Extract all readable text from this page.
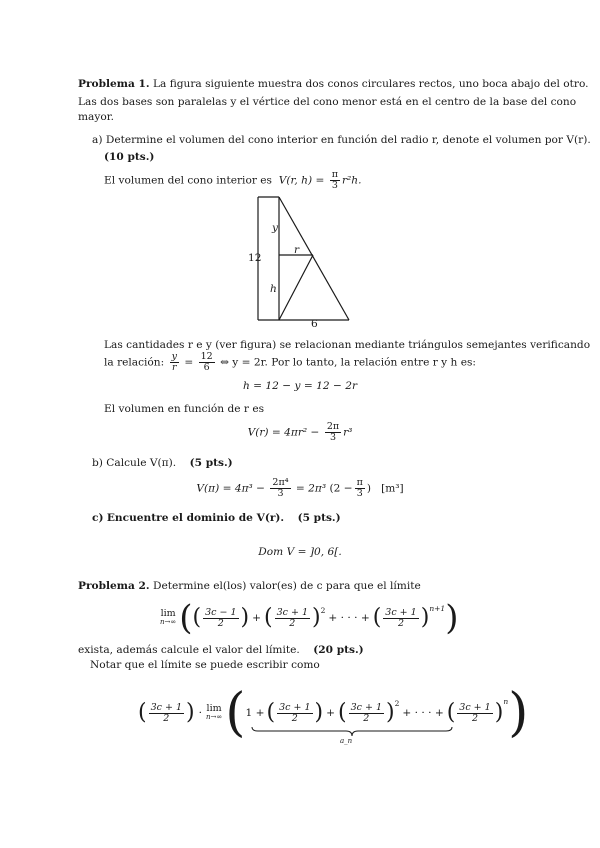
Problema 1. La figura siguiente muestra dos conos circulares rectos, uno boca abajo del otro.
Las dos bases son paralelas y el vértice del cono menor está en el centro de la base del cono
mayor.
a) Determine el volumen del cono interior en función del radio r, denote el volumen por V(r).
(10 pts.)
El volumen del cono interior es V(r, $h) = \frac{\pi}{3} r^2h$.
y
12
r
h
6
Las cantidades r e y (ver figura) se relacionan mediante triángulos semejantes verificando
la relación: $\frac{y}{r} = \frac{12}{6}$ ⇔ y = 2r. Por lo tanto, la relación entre r y h es:
h = 12 − y = 12 − 2r
El volumen en función de r es
$V(r) = 4\pi r^2 - \frac{2\pi}{3} r^3$
b) Calcule V(π). (5 pts.)
$V(\pi) = 4\pi^3 - \frac{\text{2π⁴}}{3} = 2\pi^3$ ($2 - \frac{\pi}{3}$ ) [m³]
c) Encuentre el dominio de V(r). (5 pts.)
Dom V = ]0, 6[.
Problema 2. Determine el(los) valor(es) de c para que el límite
lim
n→∞ ( ( $\frac{3c - 1}{2}$ ) + ( $\frac{3c + 1}{2} )^2$
+ · · · + ( $\frac{3c + 1}{2} )^{n+1}$ )
exista, además calcule el valor del límite. (20 pts.)
Notar que el límite se puede escribir como
( $\frac{3c + 1}{2}$ ) · lim
n→∞ ( 1 + ( $\frac{3c + 1}{2}$ ) + ( $\frac{3c + 1}{2} )^2$
+ · · · + ( $\frac{3c + 1}{2} )^n$ )
a_n
